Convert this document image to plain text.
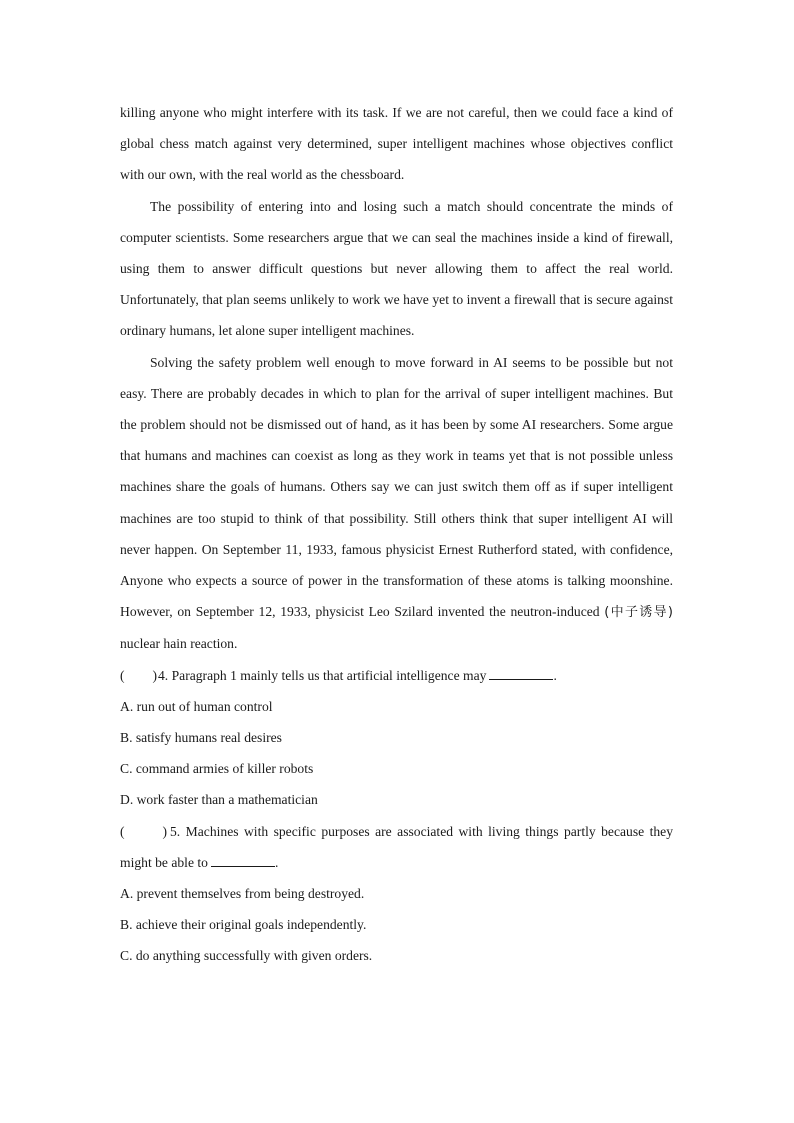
killing anyone who might interfere with its task. If we are not careful, then we could face a kind of global chess match against very determined, super intelligent machines whose objectives conflict with our own, with the real world as the chessboard.

The possibility of entering into and losing such a match should concentrate the minds of computer scientists. Some researchers argue that we can seal the machines inside a kind of firewall, using them to answer difficult questions but never allowing them to affect the real world. Unfortunately, that plan seems unlikely to work we have yet to invent a firewall that is secure against ordinary humans, let alone super intelligent machines.

Solving the safety problem well enough to move forward in AI seems to be possible but not easy. There are probably decades in which to plan for the arrival of super intelligent machines. But the problem should not be dismissed out of hand, as it has been by some AI researchers. Some argue that humans and machines can coexist as long as they work in teams yet that is not possible unless machines share the goals of humans. Others say we can just switch them off as if super intelligent machines are too stupid to think of that possibility. Still others think that super intelligent AI will never happen. On September 11, 1933, famous physicist Ernest Rutherford stated, with confidence, Anyone who expects a source of power in the transformation of these atoms is talking moonshine. However, on September 12, 1933, physicist Leo Szilard invented the neutron-induced (中子诱导) nuclear hain reaction.

( )4. Paragraph 1 mainly tells us that artificial intelligence may	.

A. run out of human control

B. satisfy humans real desires

C. command armies of killer robots

D. work faster than a mathematician

(	) 5. Machines with specific purposes are associated with living things partly because they might be able to	.

A. prevent themselves from being destroyed.

B. achieve their original goals independently.

C. do anything successfully with given orders.
